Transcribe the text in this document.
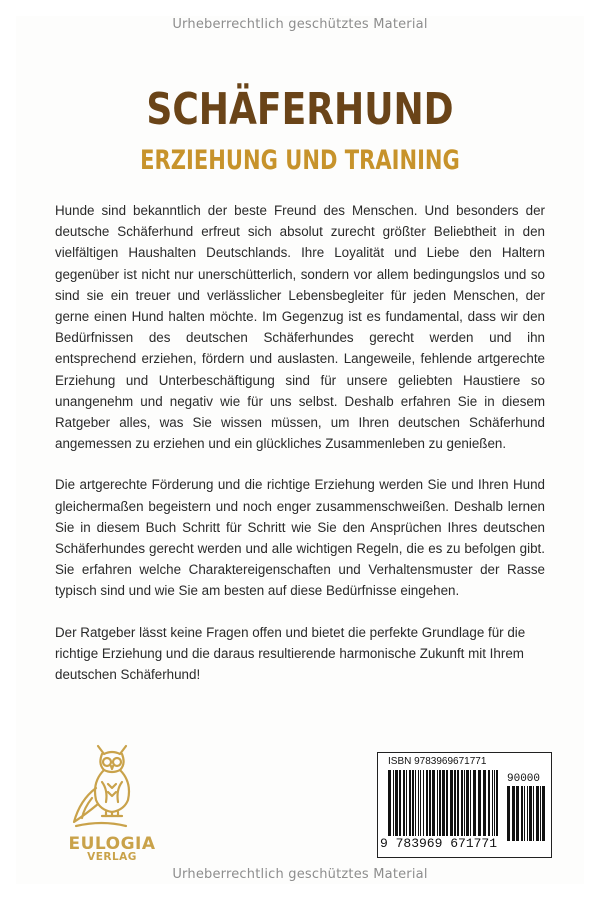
Urheberrechtlich geschütztes Material
SCHÄFERHUND
ERZIEHUNG UND TRAINING

Hunde sind bekanntlich der beste Freund des Menschen. Und besonders der deutsche Schäferhund erfreut sich absolut zurecht größter Beliebtheit in den vielfältigen Haushalten Deutschlands. Ihre Loyalität und Liebe den Haltern gegenüber ist nicht nur unerschütterlich, sondern vor allem bedingungslos und so sind sie ein treuer und verlässlicher Lebensbegleiter für jeden Menschen, der gerne einen Hund halten möchte. Im Gegenzug ist es fundamental, dass wir den Bedürfnissen des deutschen Schäferhundes gerecht werden und ihn entsprechend erziehen, fördern und auslasten. Langeweile, fehlende artgerechte Erziehung und Unterbeschäftigung sind für unsere geliebten Haustiere so unangenehm und negativ wie für uns selbst. Deshalb erfahren Sie in diesem Ratgeber alles, was Sie wissen müssen, um Ihren deutschen Schäferhund angemessen zu erziehen und ein glückliches Zusammenleben zu genießen.

Die artgerechte Förderung und die richtige Erziehung werden Sie und Ihren Hund gleichermaßen begeistern und noch enger zusammenschweißen. Deshalb lernen Sie in diesem Buch Schritt für Schritt wie Sie den Ansprüchen Ihres deutschen Schäferhundes gerecht werden und alle wichtigen Regeln, die es zu befolgen gibt. Sie erfahren welche Charaktereigenschaften und Verhaltensmuster der Rasse typisch sind und wie Sie am besten auf diese Bedürfnisse eingehen.

Der Ratgeber lässt keine Fragen offen und bietet die perfekte Grundlage für die richtige Erziehung und die daraus resultierende harmonische Zukunft mit Ihrem deutschen Schäferhund!

EULOGIA
VERLAG
ISBN 9783969671771
90000
9 783969 671771
Urheberrechtlich geschütztes Material
